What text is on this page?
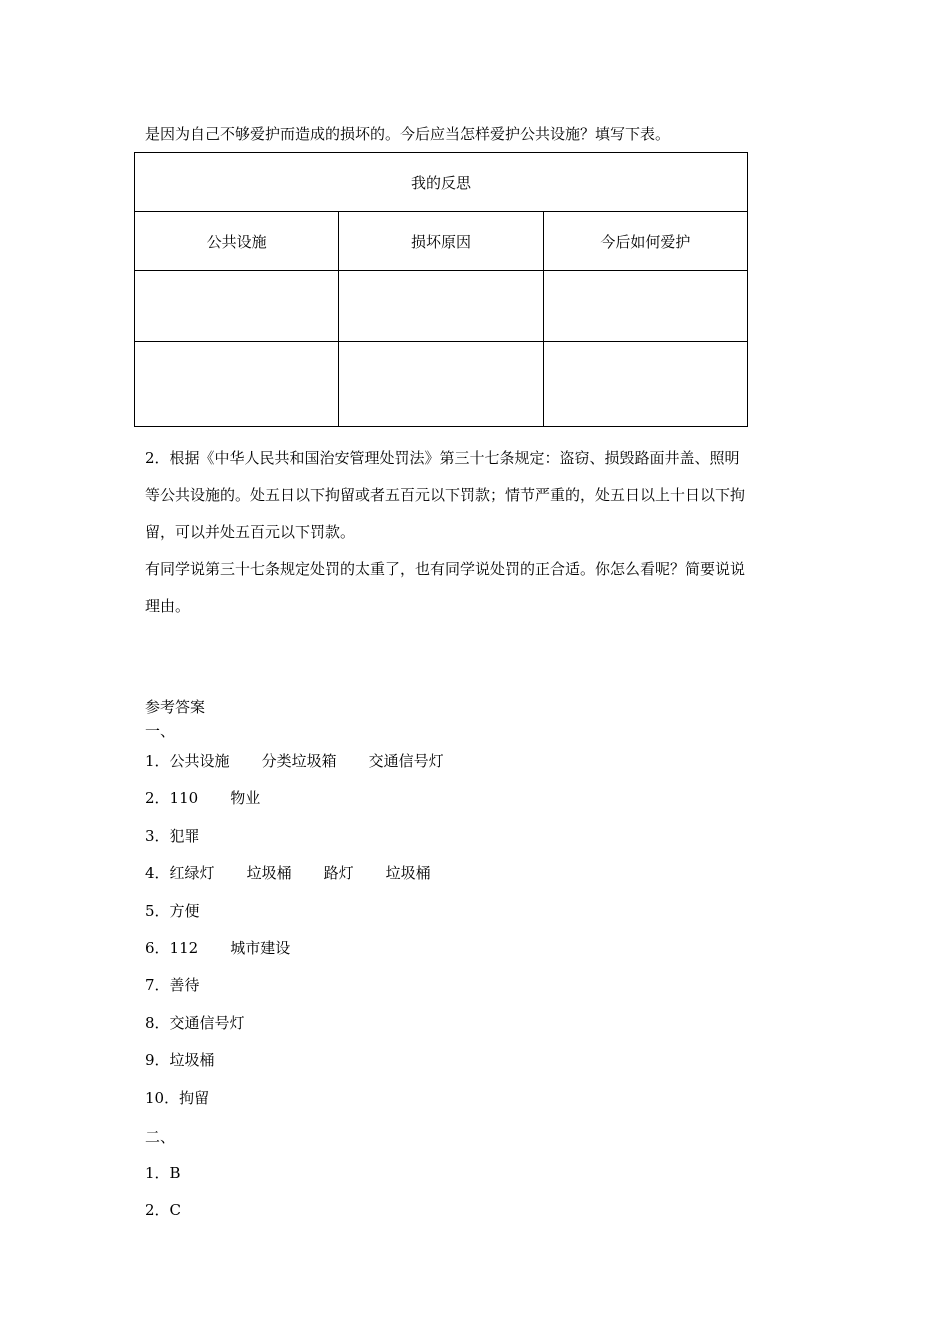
是因为自己不够爱护而造成的损坏的。今后应当怎样爱护公共设施？填写下表。
我的反思		
公共设施	损坏原因	今后如何爱护

2．根据《中华人民共和国治安管理处罚法》第三十七条规定：盗窃、损毁路面井盖、照明

等公共设施的。处五日以下拘留或者五百元以下罚款；情节严重的，处五日以上十日以下拘

留，可以并处五百元以下罚款。

有同学说第三十七条规定处罚的太重了，也有同学说处罚的正合适。你怎么看呢？简要说说

理由。

参考答案
一、
1．公共设施 分类垃圾箱 交通信号灯
2．110 物业
3．犯罪
4．红绿灯 垃圾桶 路灯 垃圾桶
5．方便
6．112 城市建设
7．善待
8．交通信号灯
9．垃圾桶
10．拘留
二、
1．B
2．C
